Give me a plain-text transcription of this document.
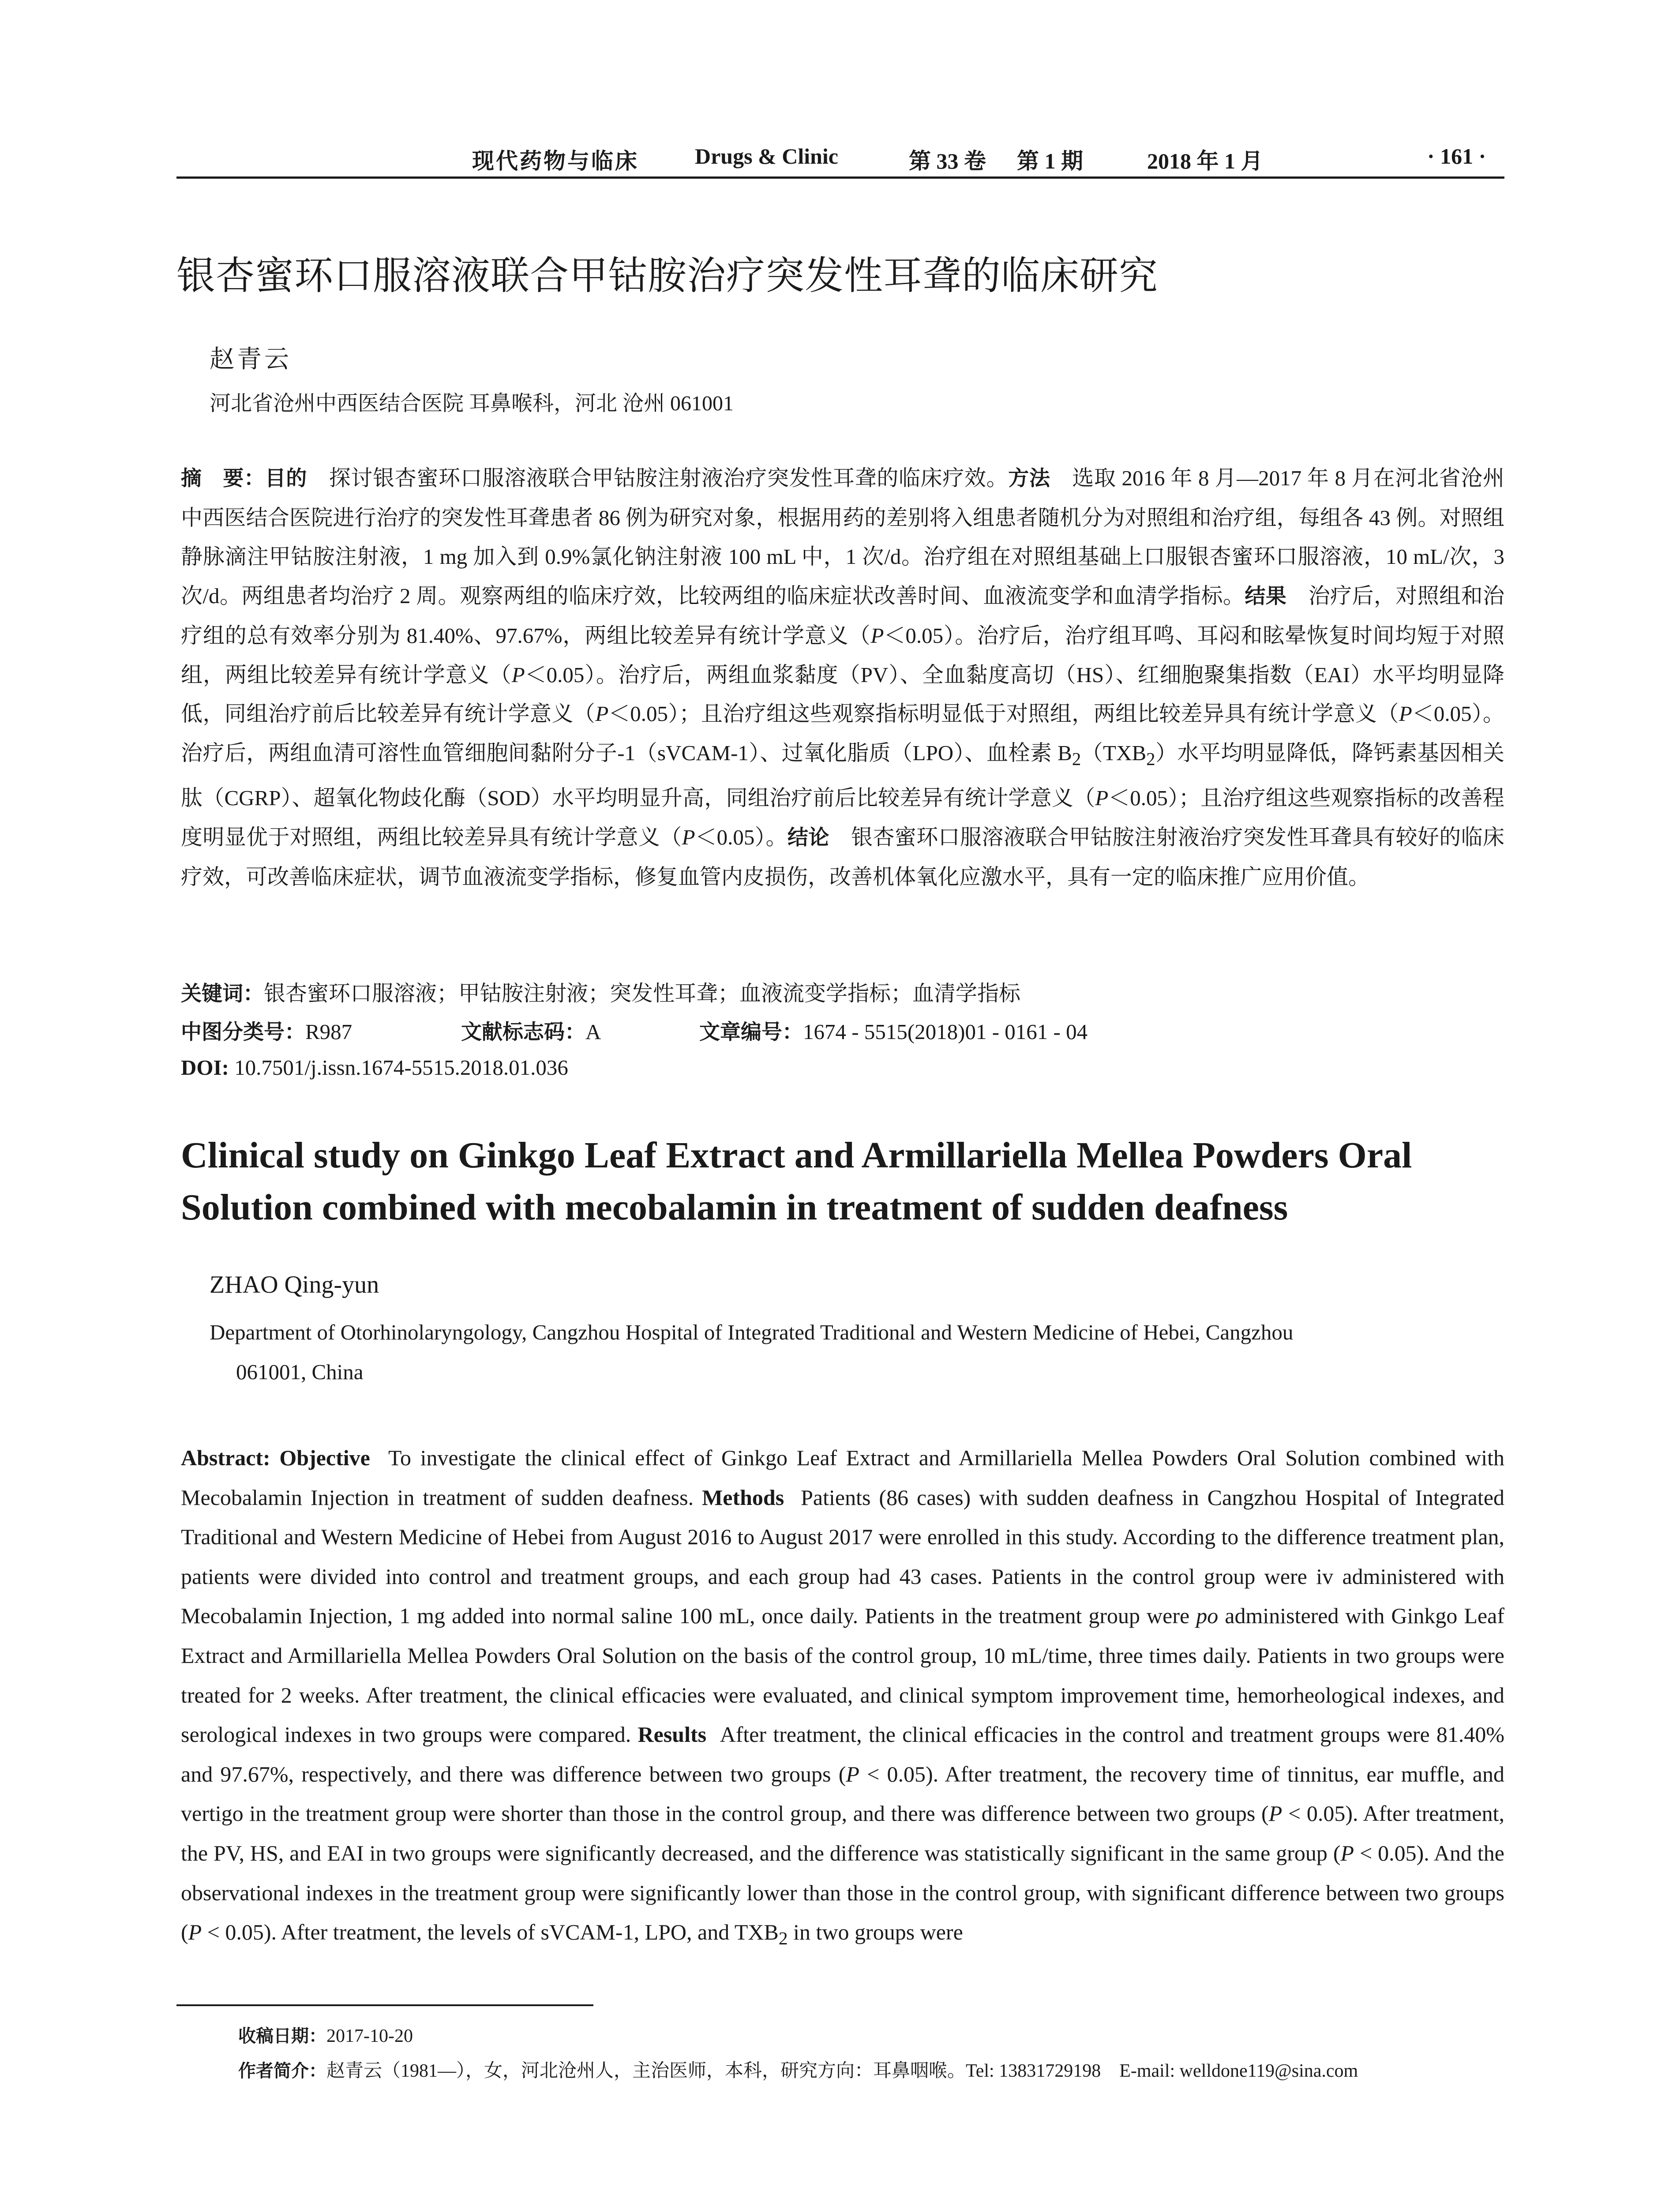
现代药物与临床	Drugs & Clinic	第 33 卷 第 1 期	2018 年 1 月	· 161 ·
银杏蜜环口服溶液联合甲钴胺治疗突发性耳聋的临床研究
赵青云
河北省沧州中西医结合医院 耳鼻喉科，河北 沧州 061001
摘　要：目的　 探讨银杏蜜环口服溶液联合甲钴胺注射液治疗突发性耳聋的临床疗效。方法　 选取 2016 年 8 月—2017 年 8 月在河北省沧州中西医结合医院进行治疗的突发性耳聋患者 86 例为研究对象，根据用药的差别将入组患者随机分为对照组和治疗组，每组各 43 例。对照组静脉滴注甲钴胺注射液，1 mg 加入到 0.9%氯化钠注射液 100 mL 中，1 次/d。治疗组在对照组基础上口服银杏蜜环口服溶液，10 mL/次，3 次/d。两组患者均治疗 2 周。观察两组的临床疗效，比较两组的临床症状改善时间、血液流变学和血清学指标。结果　 治疗后，对照组和治疗组的总有效率分别为 81.40%、97.67%，两组比较差异有统计学意义（P＜0.05）。治疗后，治疗组耳鸣、耳闷和眩晕恢复时间均短于对照组，两组比较差异有统计学意义（P＜0.05）。治疗后，两组血浆黏度（PV）、全血黏度高切（HS）、红细胞聚集指数（EAI）水平均明显降低，同组治疗前后比较差异有统计学意义（P＜0.05）；且治疗组这些观察指标明显低于对照组，两组比较差异具有统计学意义（P＜0.05）。治疗后，两组血清可溶性血管细胞间黏附分子-1（sVCAM-1）、过氧化脂质（LPO）、血栓素 $B_2(TXB_2)$水平均明显降低，降钙素基因相关肽（CGRP）、超氧化物歧化酶（SOD）水平均明显升高，同组治疗前后比较差异有统计学意义（P＜0.05）；且治疗组这些观察指标的改善程度明显优于对照组，两组比较差异具有统计学意义（P＜0.05）。结论　 银杏蜜环口服溶液联合甲钴胺注射液治疗突发性耳聋具有较好的临床疗效，可改善临床症状，调节血液流变学指标，修复血管内皮损伤，改善机体氧化应激水平，具有一定的临床推广应用价值。
关键词：银杏蜜环口服溶液；甲钴胺注射液；突发性耳聋；血液流变学指标；血清学指标
中图分类号：R987	文献标志码：A	文章编号：1674 - 5515(2018)01 - 0161 - 04
DOI: 10.7501/j.issn.1674-5515.2018.01.036
Clinical study on Ginkgo Leaf Extract and Armillariella Mellea Powders Oral Solution combined with mecobalamin in treatment of sudden deafness
ZHAO Qing-yun
Department of Otorhinolaryngology, Cangzhou Hospital of Integrated Traditional and Western Medicine of Hebei, Cangzhou
061001, China
Abstract: Objective To investigate the clinical effect of Ginkgo Leaf Extract and Armillariella Mellea Powders Oral Solution combined with Mecobalamin Injection in treatment of sudden deafness. Methods Patients (86 cases) with sudden deafness in Cangzhou Hospital of Integrated Traditional and Western Medicine of Hebei from August 2016 to August 2017 were enrolled in this study. According to the difference treatment plan, patients were divided into control and treatment groups, and each group had 43 cases. Patients in the control group were iv administered with Mecobalamin Injection, 1 mg added into normal saline 100 mL, once daily. Patients in the treatment group were po administered with Ginkgo Leaf Extract and Armillariella Mellea Powders Oral Solution on the basis of the control group, 10 mL/time, three times daily. Patients in two groups were treated for 2 weeks. After treatment, the clinical efficacies were evaluated, and clinical symptom improvement time, hemorheological indexes, and serological indexes in two groups were compared. Results After treatment, the clinical efficacies in the control and treatment groups were 81.40% and 97.67%, respectively, and there was difference between two groups (P < 0.05). After treatment, the recovery time of tinnitus, ear muffle, and vertigo in the treatment group were shorter than those in the control group, and there was difference between two groups (P < 0.05). After treatment, the PV, HS, and EAI in two groups were significantly decreased, and the difference was statistically significant in the same group (P < 0.05). And the observational indexes in the treatment group were significantly lower than those in the control group, with significant difference between two groups (P < 0.05). After treatment, the levels of sVCAM-1, LPO, and $TXB_2$ in two groups were
收稿日期：2017-10-20
作者简介：赵青云（1981—），女，河北沧州人，主治医师，本科，研究方向：耳鼻咽喉。Tel: 13831729198　E-mail: welldone119@sina.com
